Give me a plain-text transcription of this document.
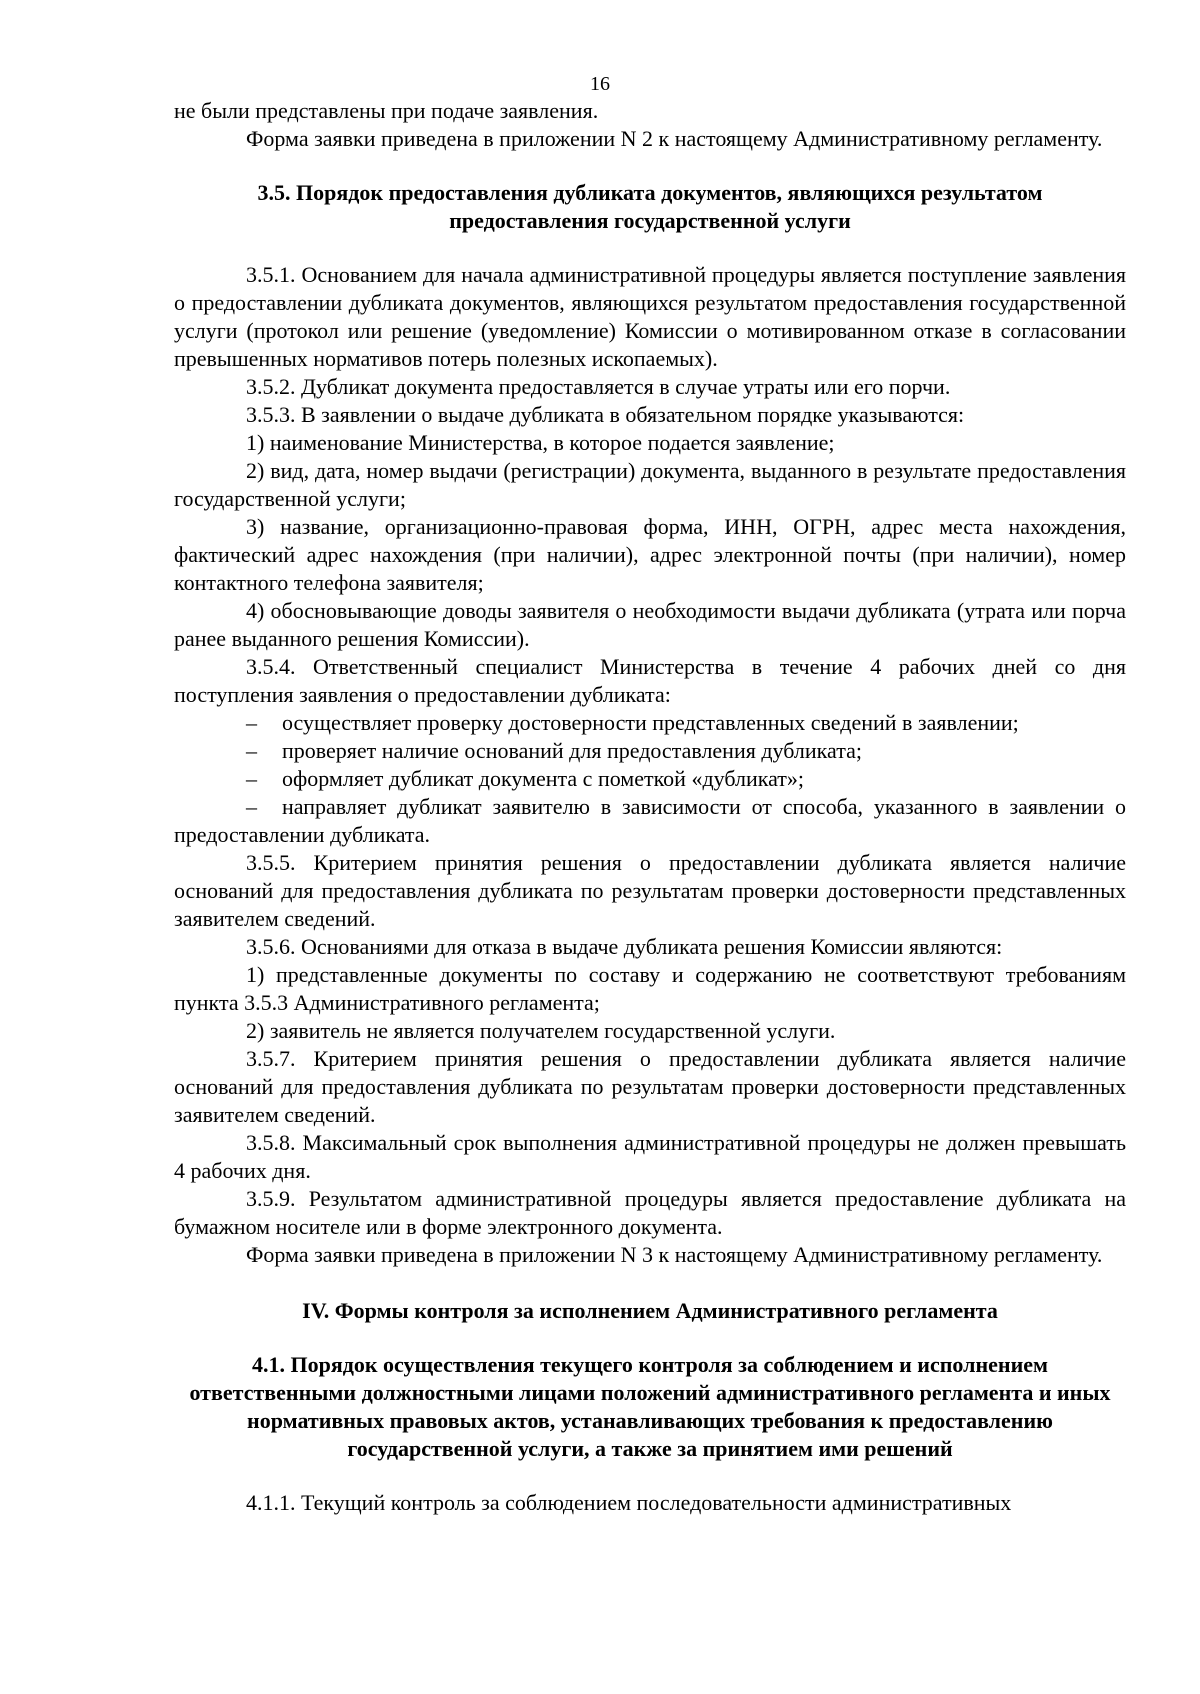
16

не были представлены при подаче заявления.

Форма заявки приведена в приложении N 2 к настоящему Административному регламенту.

3.5. Порядок предоставления дубликата документов, являющихся результатом предоставления государственной услуги

3.5.1. Основанием для начала административной процедуры является поступление заявления о предоставлении дубликата документов, являющихся результатом предоставления государственной услуги (протокол или решение (уведомление) Комиссии о мотивированном отказе в согласовании превышенных нормативов потерь полезных ископаемых).

3.5.2. Дубликат документа предоставляется в случае утраты или его порчи.

3.5.3. В заявлении о выдаче дубликата в обязательном порядке указываются:

1) наименование Министерства, в которое подается заявление;

2) вид, дата, номер выдачи (регистрации) документа, выданного в результате предоставления государственной услуги;

3) название, организационно-правовая форма, ИНН, ОГРН, адрес места нахождения, фактический адрес нахождения (при наличии), адрес электронной почты (при наличии), номер контактного телефона заявителя;

4) обосновывающие доводы заявителя о необходимости выдачи дубликата (утрата или порча ранее выданного решения Комиссии).

3.5.4. Ответственный специалист Министерства в течение 4 рабочих дней со дня поступления заявления о предоставлении дубликата:

– осуществляет проверку достоверности представленных сведений в заявлении;

– проверяет наличие оснований для предоставления дубликата;

– оформляет дубликат документа с пометкой «дубликат»;

– направляет дубликат заявителю в зависимости от способа, указанного в заявлении о предоставлении дубликата.

3.5.5. Критерием принятия решения о предоставлении дубликата является наличие оснований для предоставления дубликата по результатам проверки достоверности представленных заявителем сведений.

3.5.6. Основаниями для отказа в выдаче дубликата решения Комиссии являются:

1) представленные документы по составу и содержанию не соответствуют требованиям пункта 3.5.3 Административного регламента;

2) заявитель не является получателем государственной услуги.

3.5.7. Критерием принятия решения о предоставлении дубликата является наличие оснований для предоставления дубликата по результатам проверки достоверности представленных заявителем сведений.

3.5.8. Максимальный срок выполнения административной процедуры не должен превышать 4 рабочих дня.

3.5.9. Результатом административной процедуры является предоставление дубликата на бумажном носителе или в форме электронного документа.

Форма заявки приведена в приложении N 3 к настоящему Административному регламенту.

IV. Формы контроля за исполнением Административного регламента
4.1. Порядок осуществления текущего контроля за соблюдением и исполнением ответственными должностными лицами положений административного регламента и иных нормативных правовых актов, устанавливающих требования к предоставлению государственной услуги, а также за принятием ими решений

4.1.1. Текущий контроль за соблюдением последовательности административных
